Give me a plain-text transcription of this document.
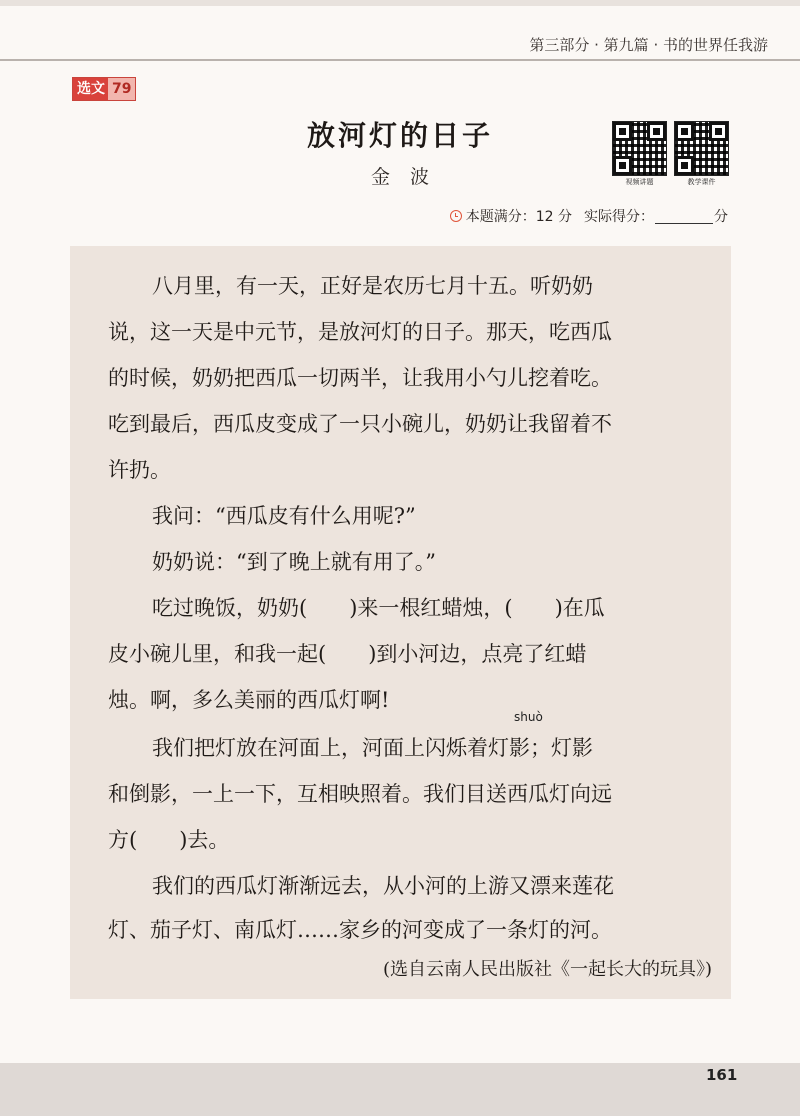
第三部分 · 第九篇 · 书的世界任我游
选文 79
放河灯的日子
金波	视频讲题	教学课件
本题满分：12 分 实际得分：	分
八月里，有一天，正好是农历七月十五。听奶奶
说，这一天是中元节，是放河灯的日子。那天，吃西瓜
的时候，奶奶把西瓜一切两半，让我用小勺儿挖着吃。
吃到最后，西瓜皮变成了一只小碗儿，奶奶让我留着不
许扔。
我问：“西瓜皮有什么用呢?”
奶奶说：“到了晚上就有用了。”
吃过晚饭，奶奶(　　)来一根红蜡烛，(　　)在瓜
皮小碗儿里，和我一起(　　)到小河边，点亮了红蜡
烛。啊，多么美丽的西瓜灯啊!
shuò
我们把灯放在河面上，河面上闪烁着灯影；灯影
和倒影，一上一下，互相映照着。我们目送西瓜灯向远
方(　　)去。
我们的西瓜灯渐渐远去，从小河的上游又漂来莲花
灯、茄子灯、南瓜灯……家乡的河变成了一条灯的河。
(选自云南人民出版社《一起长大的玩具》)
161
